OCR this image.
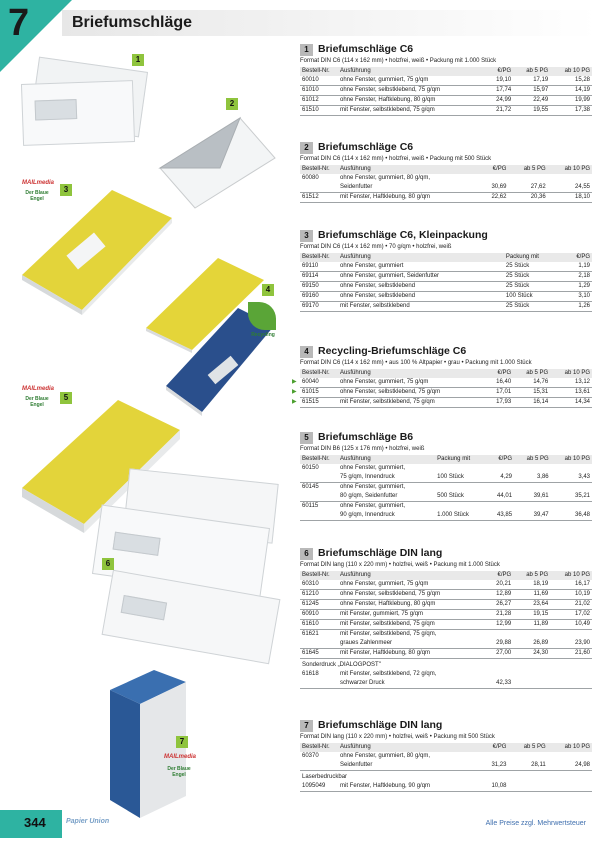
7	Briefumschläge
1
2
MAILmedia
Der Blaue Engel
3
4
Recycling
MAILmedia
Der Blaue Engel
5
6
7
MAILmedia
Der Blaue Engel
1 Briefumschläge C6
Format DIN C6 (114 x 162 mm) • holzfrei, weiß • Packung mit 1.000 Stück
Bestell-Nr.	Ausführung	€/PG	ab 5 PG	ab 10 PG
60010	ohne Fenster, gummiert, 75 g/qm	19,10	17,19	15,28
61010	ohne Fenster, selbstklebend, 75 g/qm	17,74	15,97	14,19
61012	ohne Fenster, Haftklebung, 80 g/qm	24,99	22,49	19,99
61510	mit Fenster, selbstklebend, 75 g/qm	21,72	19,55	17,38
2 Briefumschläge C6
Format DIN C6 (114 x 162 mm) • holzfrei, weiß • Packung mit 500 Stück
Bestell-Nr.	Ausführung	€/PG	ab 5 PG	ab 10 PG
60080	ohne Fenster, gummiert, 80 g/qm,			
	Seidenfutter	30,69	27,62	24,55
61512	mit Fenster, Haftklebung, 80 g/qm	22,62	20,36	18,10
3 Briefumschläge C6, Kleinpackung
Format DIN C6 (114 x 162 mm) • 70 g/qm • holzfrei, weiß
Bestell-Nr.	Ausführung	Packung mit	€/PG
69110	ohne Fenster, gummiert	25 Stück	1,19
69114	ohne Fenster, gummiert, Seidenfutter	25 Stück	2,18
69150	ohne Fenster, selbstklebend	25 Stück	1,29
69160	ohne Fenster, selbstklebend	100 Stück	3,10
69170	mit Fenster, selbstklebend	25 Stück	1,26
4 Recycling-Briefumschläge C6
Format DIN C6 (114 x 162 mm) • aus 100 % Altpapier • grau • Packung mit 1.000 Stück
Bestell-Nr.	Ausführung	€/PG	ab 5 PG	ab 10 PG

▶ 60040	ohne Fenster, gummiert, 75 g/qm	16,40	14,76	13,12

▶ 61015	ohne Fenster, selbstklebend, 75 g/qm	17,01	15,31	13,61

▶ 61515	mit Fenster, selbstklebend, 75 g/qm	17,93	16,14	14,34
5 Briefumschläge B6
Format DIN B6 (125 x 176 mm) • holzfrei, weiß
Bestell-Nr.	Ausführung	Packung mit	€/PG	ab 5 PG	ab 10 PG
60150	ohne Fenster, gummiert,				
	75 g/qm, Innendruck	100 Stück	4,29	3,86	3,43
60145	ohne Fenster, gummiert,				
	80 g/qm, Seidenfutter	500 Stück	44,01	39,61	35,21
60115	ohne Fenster, gummiert,				
	90 g/qm, Innendruck	1.000 Stück	43,85	39,47	36,48
6 Briefumschläge DIN lang
Format DIN lang (110 x 220 mm) • holzfrei, weiß • Packung mit 1.000 Stück
Bestell-Nr.	Ausführung	€/PG	ab 5 PG	ab 10 PG
60310	ohne Fenster, gummiert, 75 g/qm	20,21	18,19	16,17
61210	ohne Fenster, selbstklebend, 75 g/qm	12,89	11,69	10,19
61245	ohne Fenster, Haftklebung, 80 g/qm	26,27	23,64	21,02
60910	mit Fenster, gummiert, 75 g/qm	21,28	19,15	17,02
61610	mit Fenster, selbstklebend, 75 g/qm	12,99	11,89	10,49
61621	mit Fenster, selbstklebend, 75 g/qm,			
	graues Zahlenmeer	29,88	26,89	23,90
61645	mit Fenster, Haftklebung, 80 g/qm	27,00	24,30	21,60
Sonderdruck „DIALOGPOST"				
61618	mit Fenster, selbstklebend, 72 g/qm,			
	schwarzer Druck	42,33		
7 Briefumschläge DIN lang
Format DIN lang (110 x 220 mm) • holzfrei, weiß • Packung mit 500 Stück
Bestell-Nr.	Ausführung	€/PG	ab 5 PG	ab 10 PG
60370	ohne Fenster, gummiert, 80 g/qm,			
	Seidenfutter	31,23	28,11	24,98
Laserbedruckbar				
1095049	mit Fenster, Haftklebung, 90 g/qm	10,08		
344	Papier Union	Alle Preise zzgl. Mehrwertsteuer
